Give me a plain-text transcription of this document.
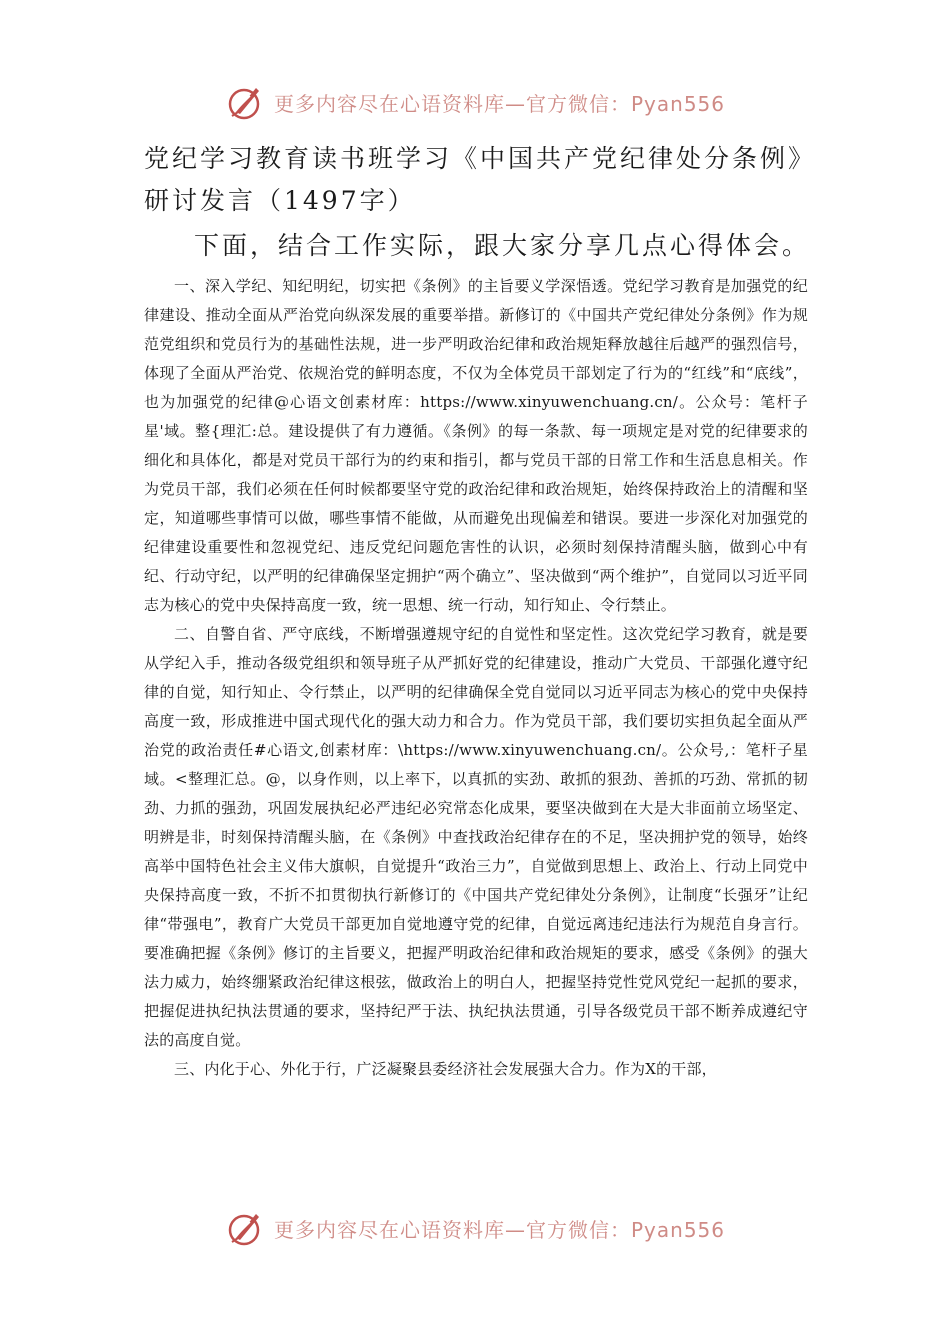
更多内容尽在心语资料库—官方微信：Pyan556
党纪学习教育读书班学习《中国共产党纪律处分条例》研讨发言（1497字）
下面，结合工作实际，跟大家分享几点心得体会。

一、深入学纪、知纪明纪，切实把《条例》的主旨要义学深悟透。党纪学习教育是加强党的纪律建设、推动全面从严治党向纵深发展的重要举措。新修订的《中国共产党纪律处分条例》作为规范党组织和党员行为的基础性法规，进一步严明政治纪律和政治规矩释放越往后越严的强烈信号，体现了全面从严治党、依规治党的鲜明态度，不仅为全体党员干部划定了行为的“红线”和“底线”，也为加强党的纪律@心语文创素材库：https://www.xinyuwenchuang.cn/。公众号：笔杆子星'域。整{理汇:总。建设提供了有力遵循。《条例》的每一条款、每一项规定是对党的纪律要求的细化和具体化，都是对党员干部行为的约束和指引，都与党员干部的日常工作和生活息息相关。作为党员干部，我们必须在任何时候都要坚守党的政治纪律和政治规矩，始终保持政治上的清醒和坚定，知道哪些事情可以做，哪些事情不能做，从而避免出现偏差和错误。要进一步深化对加强党的纪律建设重要性和忽视党纪、违反党纪问题危害性的认识，必须时刻保持清醒头脑，做到心中有纪、行动守纪，以严明的纪律确保坚定拥护“两个确立”、坚决做到“两个维护”，自觉同以习近平同志为核心的党中央保持高度一致，统一思想、统一行动，知行知止、令行禁止。

二、自警自省、严守底线，不断增强遵规守纪的自觉性和坚定性。这次党纪学习教育，就是要从学纪入手，推动各级党组织和领导班子从严抓好党的纪律建设，推动广大党员、干部强化遵守纪律的自觉，知行知止、令行禁止，以严明的纪律确保全党自觉同以习近平同志为核心的党中央保持高度一致，形成推进中国式现代化的强大动力和合力。作为党员干部，我们要切实担负起全面从严治党的政治责任#心语文,创素材库：\https://www.xinyuwenchuang.cn/。公众号,：笔杆子星域。<整理汇总。@，以身作则，以上率下，以真抓的实劲、敢抓的狠劲、善抓的巧劲、常抓的韧劲、力抓的强劲，巩固发展执纪必严违纪必究常态化成果，要坚决做到在大是大非面前立场坚定、明辨是非，时刻保持清醒头脑，在《条例》中查找政治纪律存在的不足，坚决拥护党的领导，始终高举中国特色社会主义伟大旗帜，自觉提升“政治三力”，自觉做到思想上、政治上、行动上同党中央保持高度一致，不折不扣贯彻执行新修订的《中国共产党纪律处分条例》，让制度“长强牙”让纪律“带强电”，教育广大党员干部更加自觉地遵守党的纪律，自觉远离违纪违法行为规范自身言行。要准确把握《条例》修订的主旨要义，把握严明政治纪律和政治规矩的要求，感受《条例》的强大法力威力，始终绷紧政治纪律这根弦，做政治上的明白人，把握坚持党性党风党纪一起抓的要求，把握促进执纪执法贯通的要求，坚持纪严于法、执纪执法贯通，引导各级党员干部不断养成遵纪守法的高度自觉。

三、内化于心、外化于行，广泛凝聚县委经济社会发展强大合力。作为X的干部，

更多内容尽在心语资料库—官方微信：Pyan556
